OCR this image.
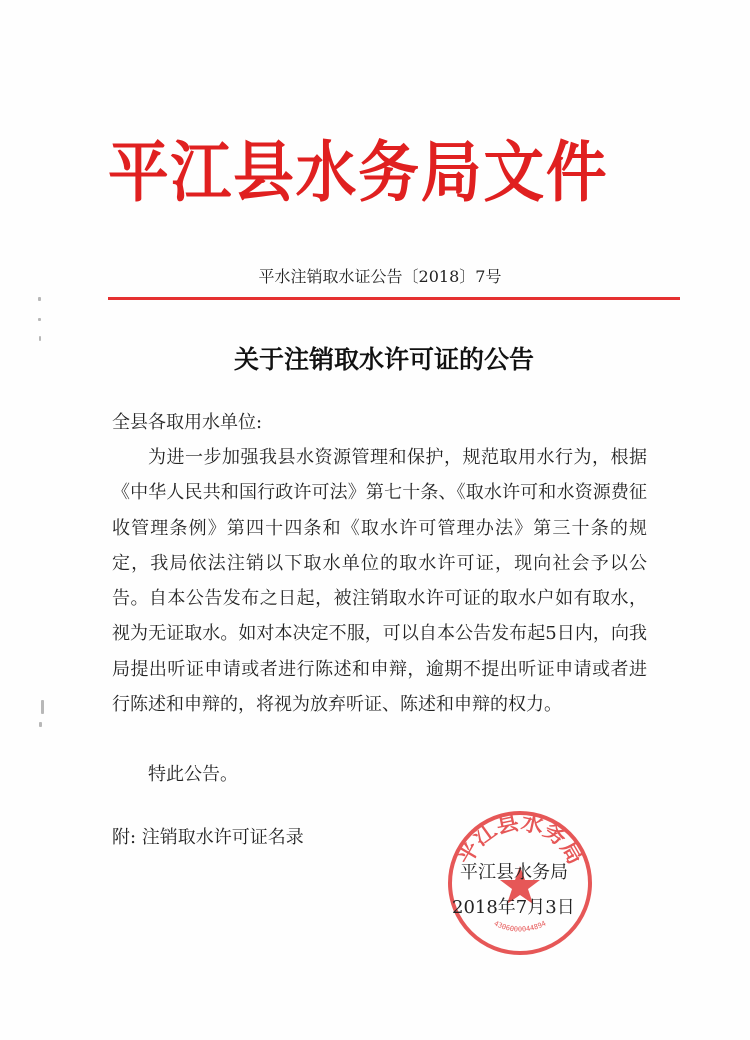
平江县水务局文件
平水注销取水证公告〔2018〕7号
关于注销取水许可证的公告
全县各取用水单位:
为进一步加强我县水资源管理和保护，规范取用水行为，根据《中华人民共和国行政许可法》第七十条、《取水许可和水资源费征收管理条例》第四十四条和《取水许可管理办法》第三十条的规定，我局依法注销以下取水单位的取水许可证，现向社会予以公告。自本公告发布之日起，被注销取水许可证的取水户如有取水，视为无证取水。如对本决定不服，可以自本公告发布起5日内，向我局提出听证申请或者进行陈述和申辩，逾期不提出听证申请或者进行陈述和申辩的，将视为放弃听证、陈述和申辩的权力。
特此公告。
附: 注销取水许可证名录	平江县水务局
4306000044894
平江县水务局
2018年7月3日
